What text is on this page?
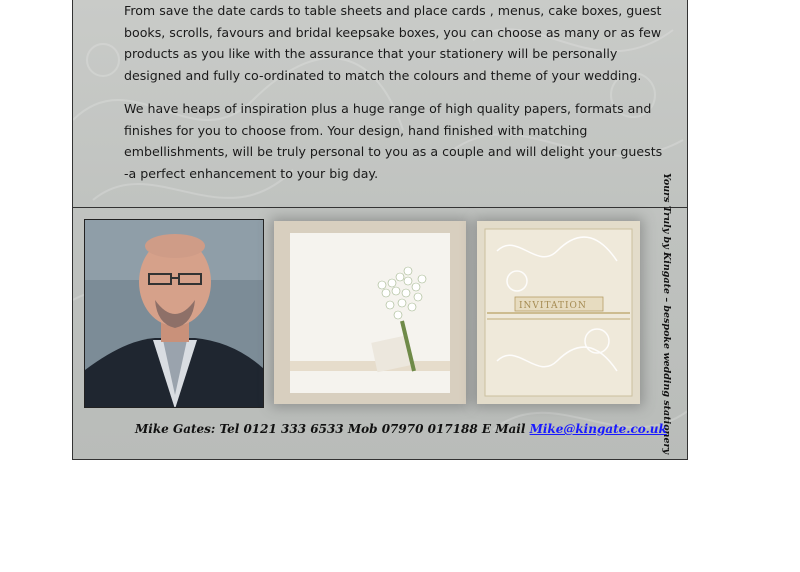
From save the date cards to table sheets and place cards , menus, cake boxes, guest books, scrolls, favours and bridal keepsake boxes, you can choose as many or as few products as you like with the assurance that your stationery will be personally designed and fully co-ordinated to match the colours and theme of your wedding.

We have heaps of inspiration plus a huge range of high quality papers, formats and finishes for you to choose from. Your design, hand finished with matching embellishments, will be truly personal to you as a couple and will delight your guests -a perfect enhancement to your big day.

INVITATION	Yours Truly by Kingate – bespoke wedding stationery
Mike Gates: Tel 0121 333 6533 Mob 07970 017188 E Mail Mike@kingate.co.uk
